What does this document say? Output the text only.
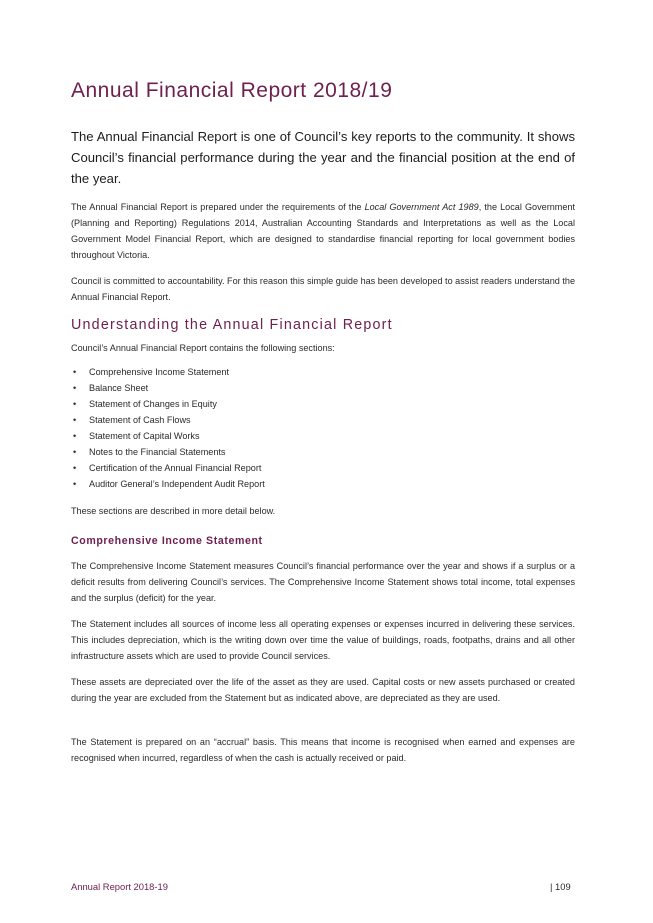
Annual Financial Report 2018/19

The Annual Financial Report is one of Council’s key reports to the community. It shows Council’s financial performance during the year and the financial position at the end of the year.

The Annual Financial Report is prepared under the requirements of the Local Government Act 1989, the Local Government (Planning and Reporting) Regulations 2014, Australian Accounting Standards and Interpretations as well as the Local Government Model Financial Report, which are designed to standardise financial reporting for local government bodies throughout Victoria.

Council is committed to accountability. For this reason this simple guide has been developed to assist readers understand the Annual Financial Report.

Understanding the Annual Financial Report

Council’s Annual Financial Report contains the following sections:

• Comprehensive Income Statement
• Balance Sheet
• Statement of Changes in Equity
• Statement of Cash Flows
• Statement of Capital Works
• Notes to the Financial Statements
• Certification of the Annual Financial Report
• Auditor General’s Independent Audit Report

These sections are described in more detail below.

Comprehensive Income Statement

The Comprehensive Income Statement measures Council’s financial performance over the year and shows if a surplus or a deficit results from delivering Council’s services. The Comprehensive Income Statement shows total income, total expenses and the surplus (deficit) for the year.

The Statement includes all sources of income less all operating expenses or expenses incurred in delivering these services. This includes depreciation, which is the writing down over time the value of buildings, roads, footpaths, drains and all other infrastructure assets which are used to provide Council services.

These assets are depreciated over the life of the asset as they are used. Capital costs or new assets purchased or created during the year are excluded from the Statement but as indicated above, are depreciated as they are used.

The Statement is prepared on an “accrual” basis. This means that income is recognised when earned and expenses are recognised when incurred, regardless of when the cash is actually received or paid.

Annual Report 2018-19	| 109
